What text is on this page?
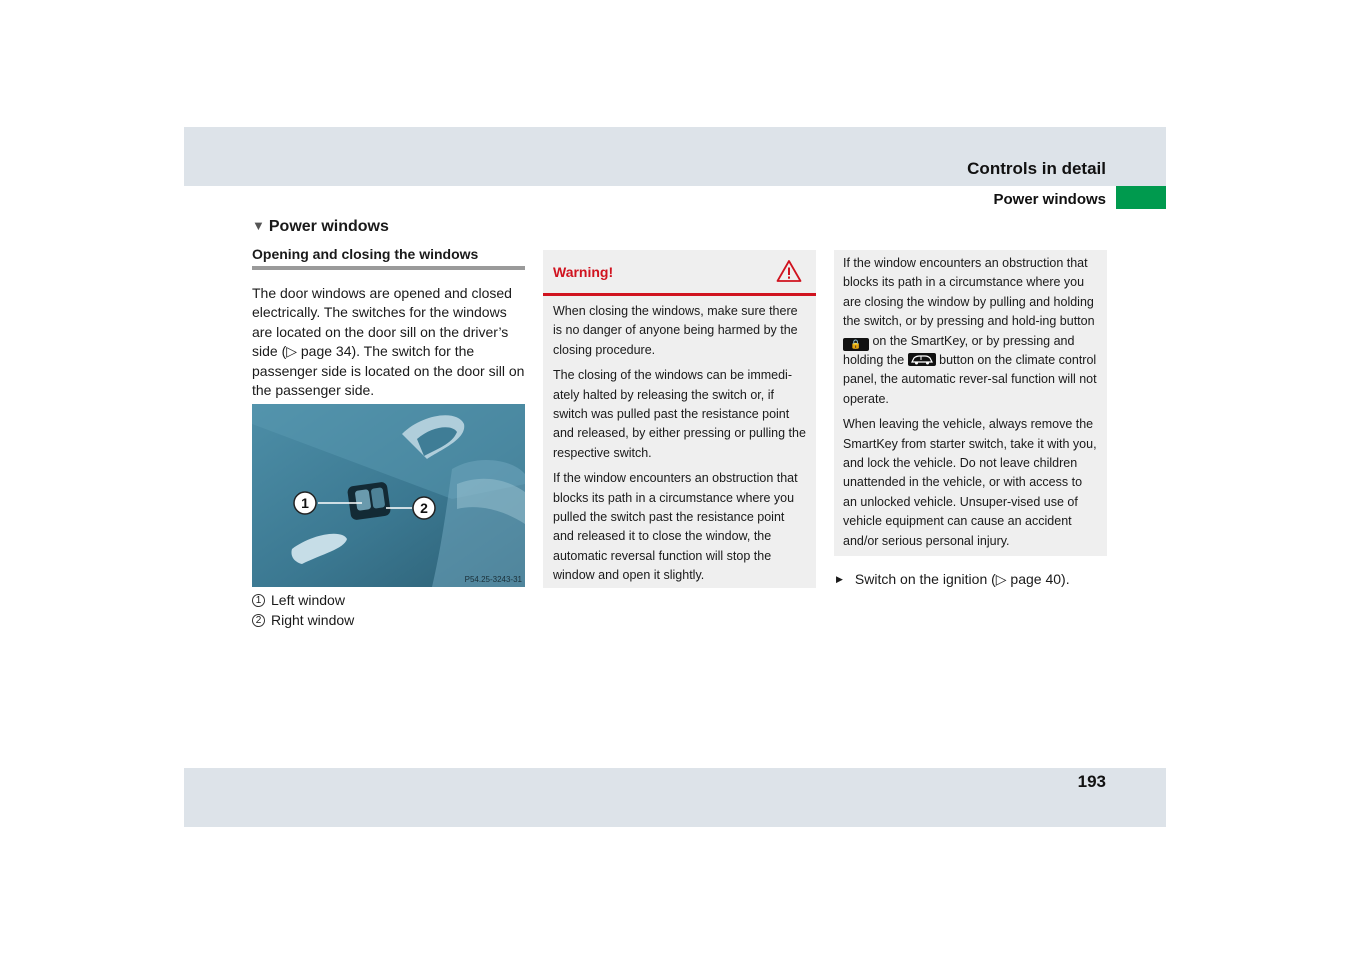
Controls in detail
Power windows
▼ Power windows
Opening and closing the windows

The door windows are opened and closed electrically. The switches for the windows are located on the door sill on the driver’s side (▷ page 34). The switch for the passenger side is located on the door sill on the passenger side.

1	2
P54.25-3243-31
1 Left window
2 Right window
Warning!

When closing the windows, make sure there is no danger of anyone being harmed by the closing procedure.

The closing of the windows can be immedi-ately halted by releasing the switch or, if switch was pulled past the resistance point and released, by either pressing or pulling the respective switch.

If the window encounters an obstruction that blocks its path in a circumstance where you pulled the switch past the resistance point and released it to close the window, the automatic reversal function will stop the window and open it slightly.

If the window encounters an obstruction that blocks its path in a circumstance where you are closing the window by pulling and holding the switch, or by pressing and hold-ing button 🔒 on the SmartKey, or by pressing and holding the	button on the climate control panel, the automatic rever-sal function will not operate.

When leaving the vehicle, always remove the SmartKey from starter switch, take it with you, and lock the vehicle. Do not leave children unattended in the vehicle, or with access to an unlocked vehicle. Unsuper-vised use of vehicle equipment can cause an accident and/or serious personal injury.

▶ Switch on the ignition (▷ page 40).
193
